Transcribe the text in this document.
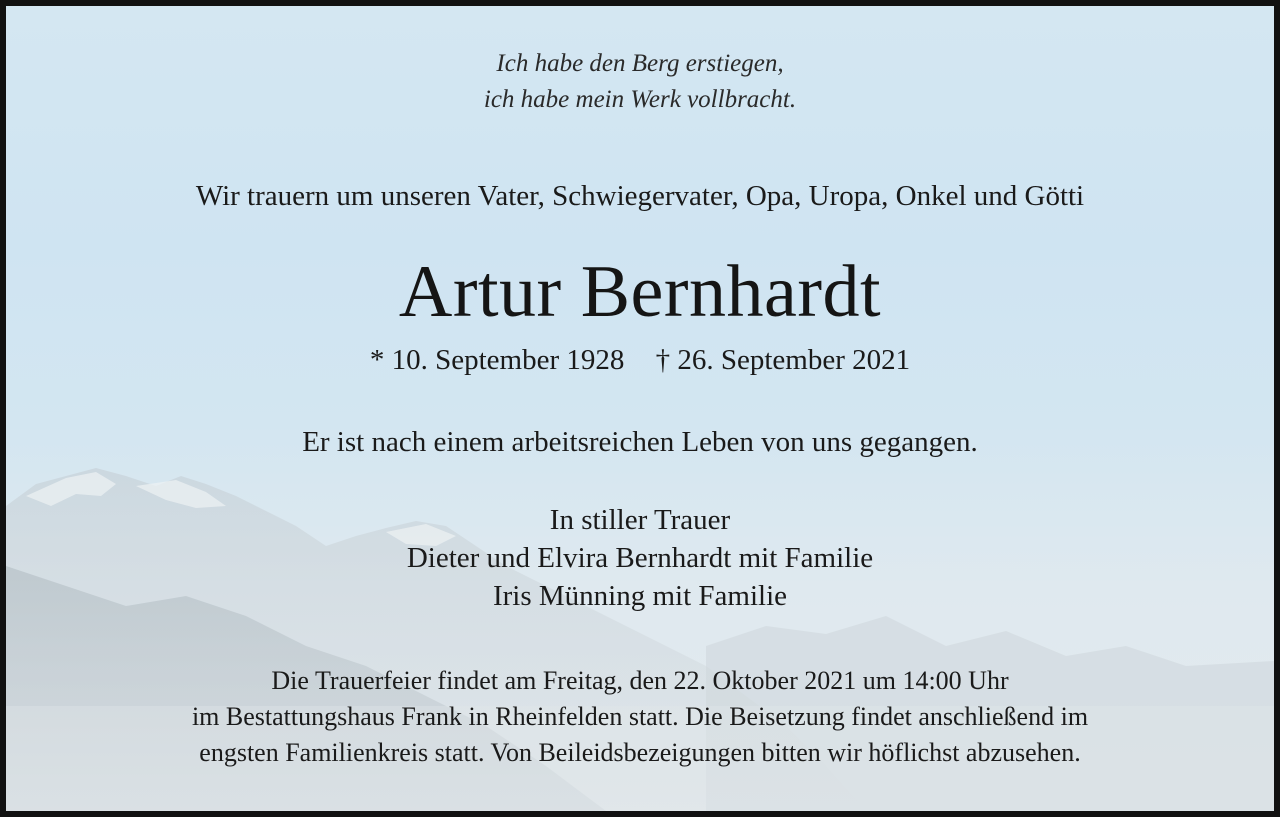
Ich habe den Berg erstiegen,
ich habe mein Werk vollbracht.
Wir trauern um unseren Vater, Schwiegervater, Opa, Uropa, Onkel und Götti
Artur Bernhardt
* 10. September 1928 † 26. September 2021
Er ist nach einem arbeitsreichen Leben von uns gegangen.
In stiller Trauer
Dieter und Elvira Bernhardt mit Familie
Iris Münning mit Familie
Die Trauerfeier findet am Freitag, den 22. Oktober 2021 um 14:00 Uhr
im Bestattungshaus Frank in Rheinfelden statt. Die Beisetzung findet anschließend im
engsten Familienkreis statt. Von Beileidsbezeigungen bitten wir höflichst abzusehen.
